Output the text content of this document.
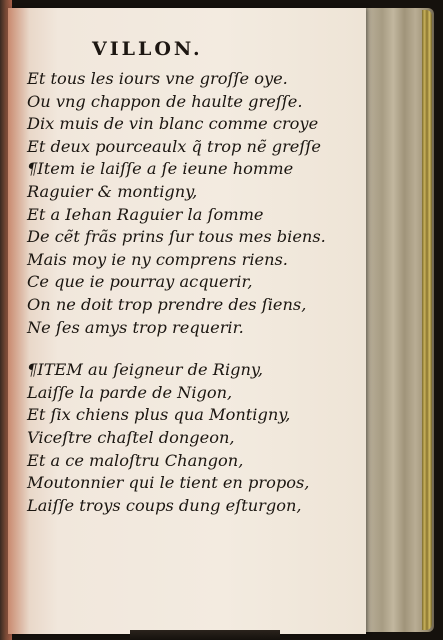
VILLON.
Et tous les iours vne groſſe oye.
Ou vng chappon de haulte greſſe.
Dix muis de vin blanc comme croye
Et deux pourceaulx q̃ trop nẽ greſſe
¶Item ie laiſſe a ſe ieune homme
Raguier & montigny,
Et a Iehan Raguier la ſomme
De cẽt frãs prins ſur tous mes biens.
Mais moy ie ny comprens riens.
Ce que ie pourray acquerir,
On ne doit trop prendre des ſiens,
Ne ſes amys trop requerir.
¶ITEM au ſeigneur de Rigny,
Laiſſe la parde de Nigon,
Et ſix chiens plus qua Montigny,
Viceſtre chaſtel dongeon,
Et a ce maloſtru Changon,
Moutonnier qui le tient en propos,
Laiſſe troys coups dung eſturgon,
